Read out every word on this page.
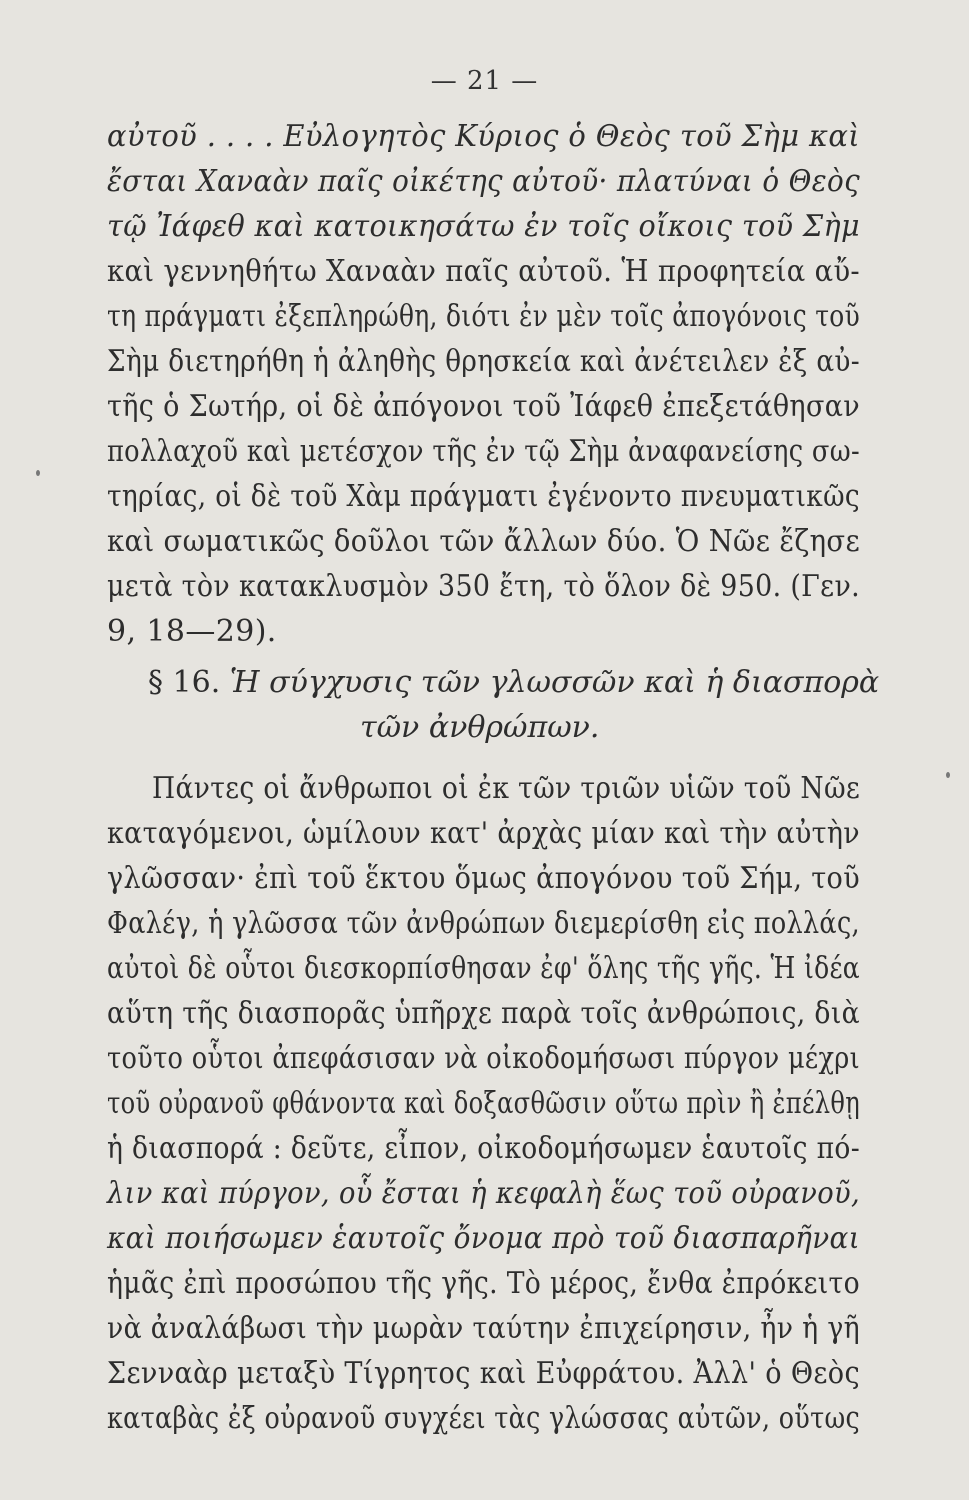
— 21 —
αὐτοῦ . . . . Εὐλογητὸς Κύριος ὁ Θεὸς τοῦ Σὴμ καὶ
ἔσται Χαναὰν παῖς οἰκέτης αὐτοῦ· πλατύναι ὁ Θεὸς
τῷ Ἰάφεθ καὶ κατοικησάτω ἐν τοῖς οἴκοις τοῦ Σὴμ
καὶ γεννηθήτω Χαναὰν παῖς αὐτοῦ. Ἡ προφητεία αὔ-
τη πράγματι ἐξεπληρώθη, διότι ἐν μὲν τοῖς ἀπογόνοις τοῦ
Σὴμ διετηρήθη ἡ ἀληθὴς θρησκεία καὶ ἀνέτειλεν ἐξ αὐ-
τῆς ὁ Σωτήρ, οἱ δὲ ἀπόγονοι τοῦ Ἰάφεθ ἐπεξετάθησαν
πολλαχοῦ καὶ μετέσχον τῆς ἐν τῷ Σὴμ ἀναφανείσης σω-
τηρίας, οἱ δὲ τοῦ Χὰμ πράγματι ἐγένοντο πνευματικῶς
καὶ σωματικῶς δοῦλοι τῶν ἄλλων δύο. Ὁ Νῶε ἔζησε
μετὰ τὸν κατακλυσμὸν 350 ἔτη, τὸ ὅλον δὲ 950. (Γεν.
9, 18—29).
§ 16. Ἡ σύγχυσις τῶν γλωσσῶν καὶ ἡ διασπορὰ
τῶν ἀνθρώπων.
Πάντες οἱ ἄνθρωποι οἱ ἐκ τῶν τριῶν υἱῶν τοῦ Νῶε
καταγόμενοι, ὡμίλουν κατ' ἀρχὰς μίαν καὶ τὴν αὐτὴν
γλῶσσαν· ἐπὶ τοῦ ἕκτου ὅμως ἀπογόνου τοῦ Σήμ, τοῦ
Φαλέγ, ἡ γλῶσσα τῶν ἀνθρώπων διεμερίσθη εἰς πολλάς,
αὐτοὶ δὲ οὗτοι διεσκορπίσθησαν ἐφ' ὅλης τῆς γῆς. Ἡ ἰδέα
αὕτη τῆς διασπορᾶς ὑπῆρχε παρὰ τοῖς ἀνθρώποις, διὰ
τοῦτο οὗτοι ἀπεφάσισαν νὰ οἰκοδομήσωσι πύργον μέχρι
τοῦ οὐρανοῦ φθάνοντα καὶ δοξασθῶσιν οὕτω πρὶν ἢ ἐπέλθῃ
ἡ διασπορά : δεῦτε, εἶπον, οἰκοδομήσωμεν ἑαυτοῖς πό-
λιν καὶ πύργον, οὗ ἔσται ἡ κεφαλὴ ἕως τοῦ οὐρανοῦ,
καὶ ποιήσωμεν ἑαυτοῖς ὄνομα πρὸ τοῦ διασπαρῆναι
ἡμᾶς ἐπὶ προσώπου τῆς γῆς. Τὸ μέρος, ἔνθα ἐπρόκειτο
νὰ ἀναλάβωσι τὴν μωρὰν ταύτην ἐπιχείρησιν, ἦν ἡ γῆ
Σενναὰρ μεταξὺ Τίγρητος καὶ Εὐφράτου. Ἀλλ' ὁ Θεὸς
καταβὰς ἐξ οὐρανοῦ συγχέει τὰς γλώσσας αὐτῶν, οὕτως
